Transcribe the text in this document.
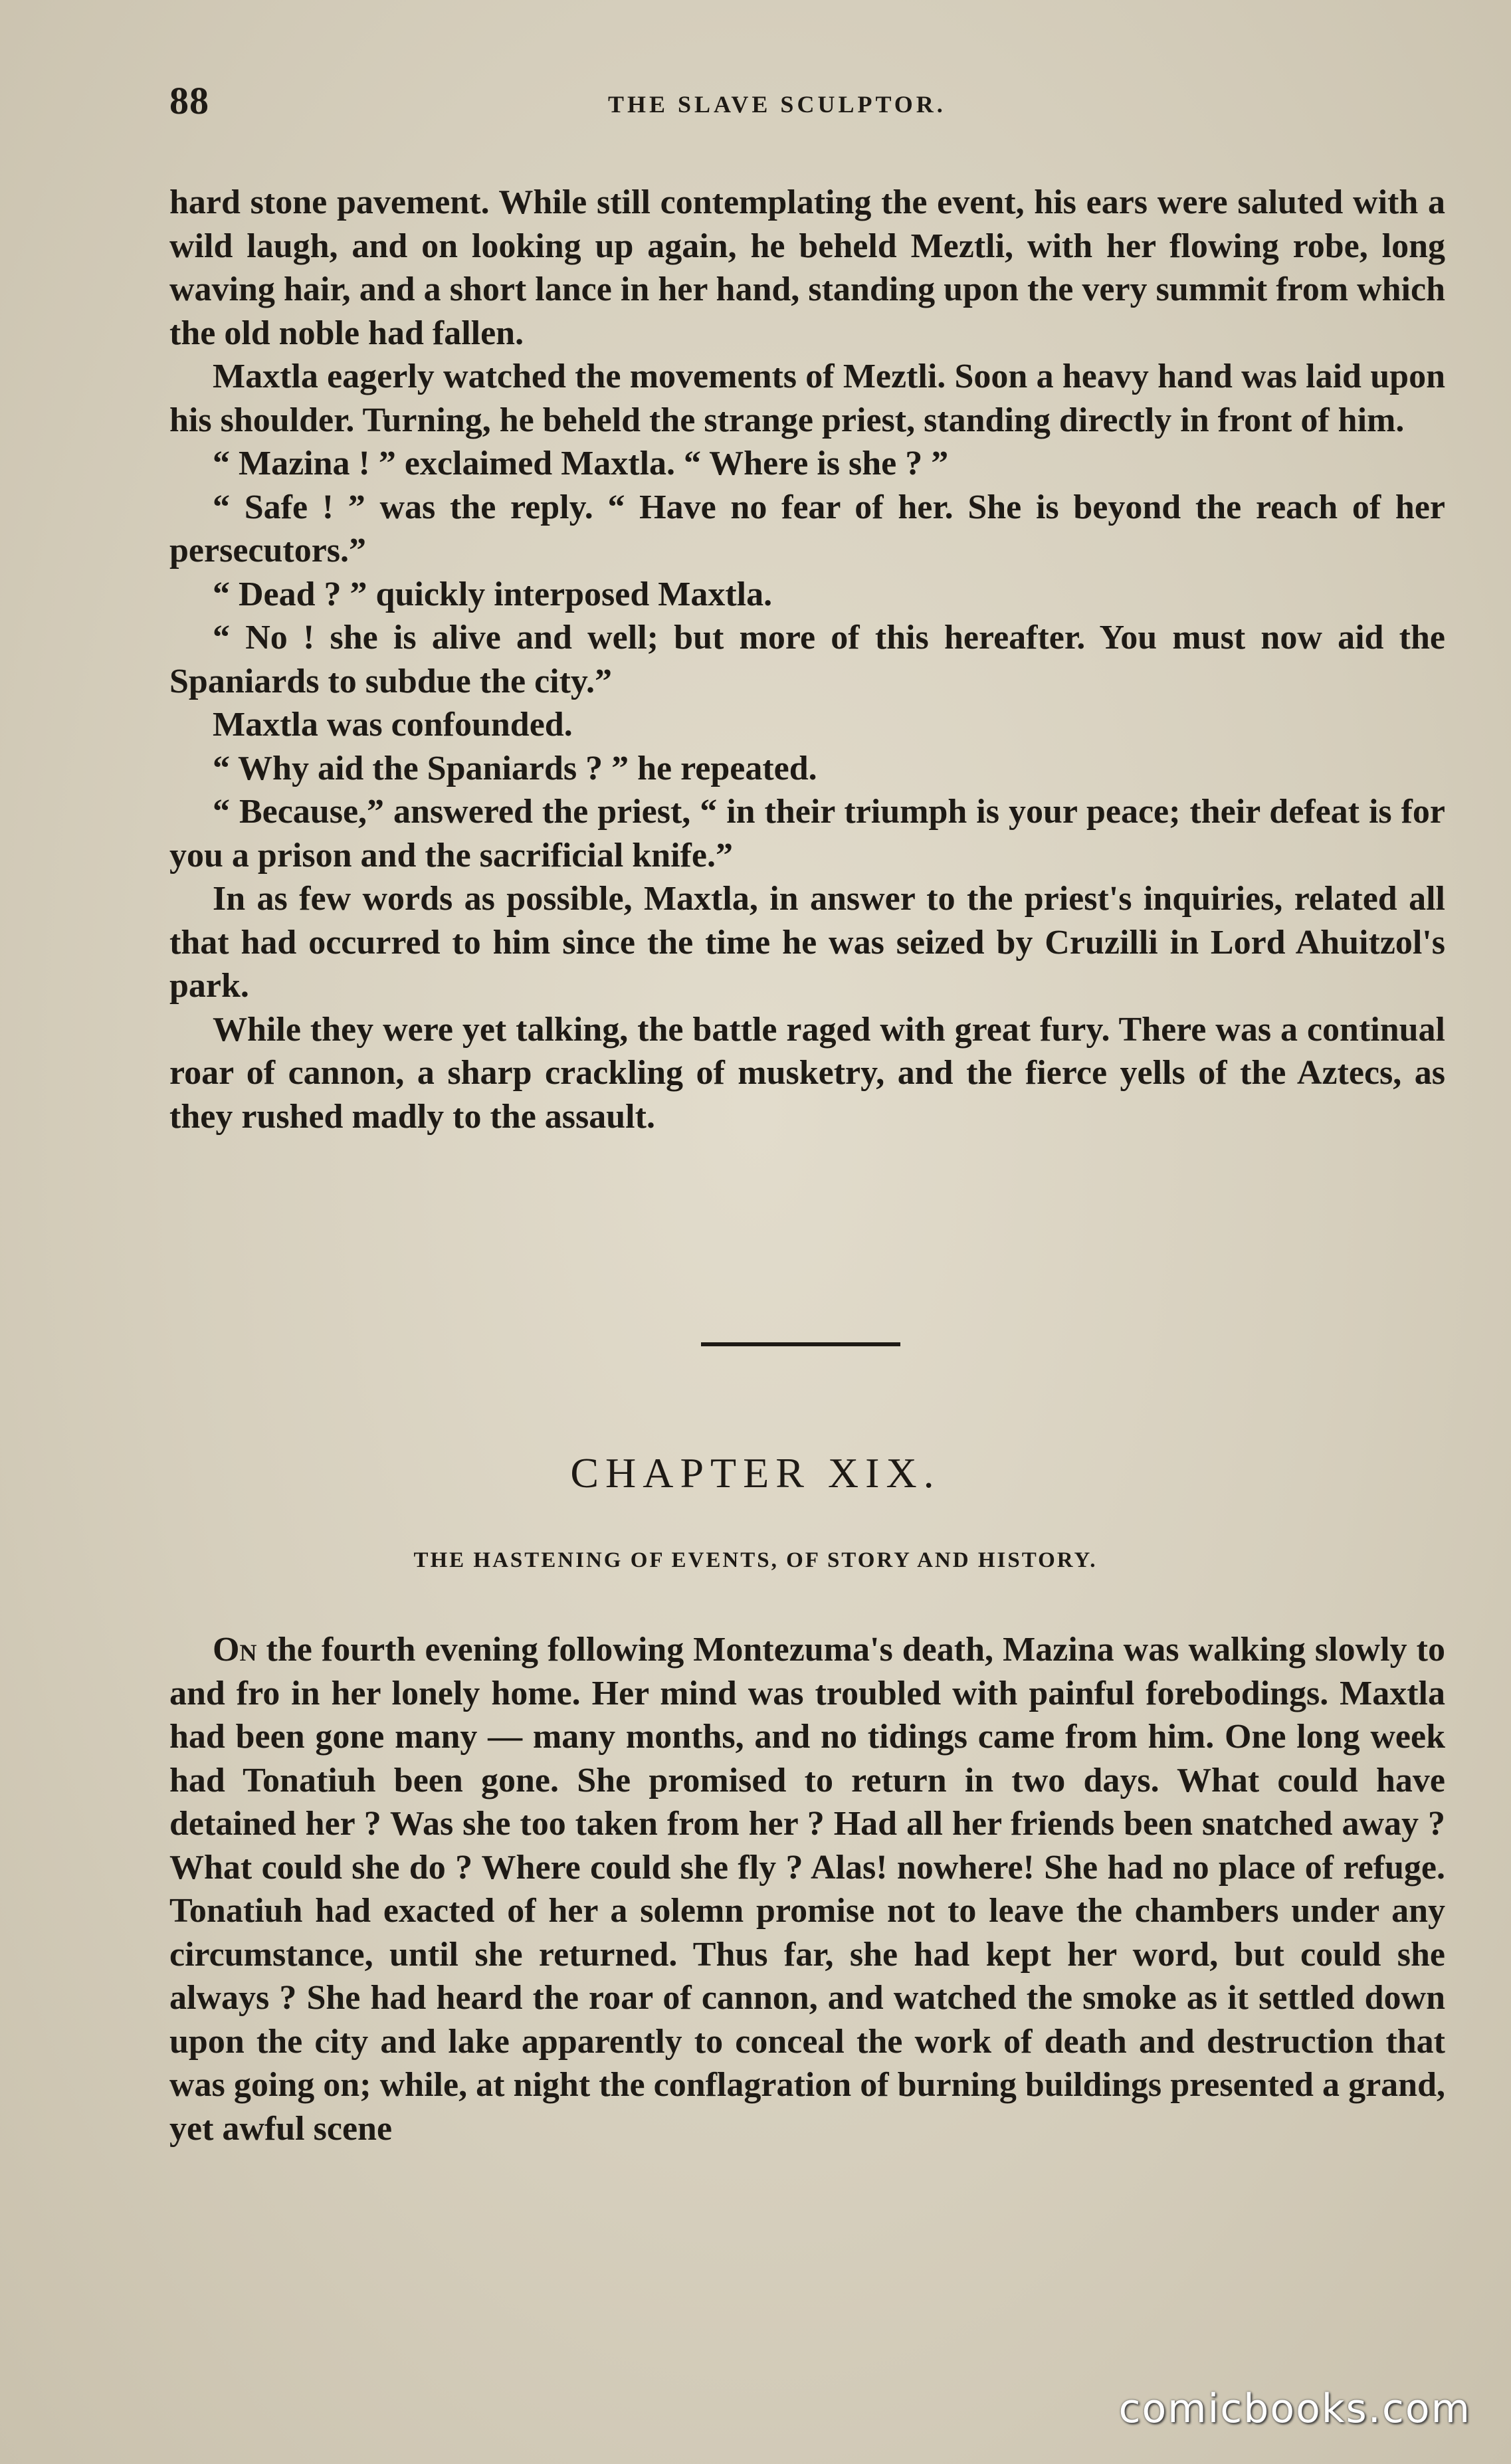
88	THE SLAVE SCULPTOR.

hard stone pavement. While still contemplating the event, his ears were saluted with a wild laugh, and on looking up again, he beheld Meztli, with her flowing robe, long waving hair, and a short lance in her hand, standing upon the very summit from which the old noble had fallen.

Maxtla eagerly watched the movements of Meztli. Soon a heavy hand was laid upon his shoulder. Turning, he beheld the strange priest, standing directly in front of him.

“ Mazina ! ” exclaimed Maxtla. “ Where is she ? ”

“ Safe ! ” was the reply. “ Have no fear of her. She is beyond the reach of her persecutors.”

“ Dead ? ” quickly interposed Maxtla.

“ No ! she is alive and well; but more of this hereafter. You must now aid the Spaniards to subdue the city.”

Maxtla was confounded.

“ Why aid the Spaniards ? ” he repeated.

“ Because,” answered the priest, “ in their triumph is your peace; their defeat is for you a prison and the sacrificial knife.”

In as few words as possible, Maxtla, in answer to the priest's inquiries, related all that had occurred to him since the time he was seized by Cruzilli in Lord Ahuitzol's park.

While they were yet talking, the battle raged with great fury. There was a continual roar of cannon, a sharp crackling of musketry, and the fierce yells of the Aztecs, as they rushed madly to the assault.

CHAPTER XIX.
THE HASTENING OF EVENTS, OF STORY AND HISTORY.

On the fourth evening following Montezuma's death, Mazina was walking slowly to and fro in her lonely home. Her mind was troubled with painful forebodings. Maxtla had been gone many — many months, and no tidings came from him. One long week had Tonatiuh been gone. She promised to return in two days. What could have detained her ? Was she too taken from her ? Had all her friends been snatched away ? What could she do ? Where could she fly ? Alas! nowhere! She had no place of refuge. Tonatiuh had exacted of her a solemn promise not to leave the chambers under any circumstance, until she returned. Thus far, she had kept her word, but could she always ? She had heard the roar of cannon, and watched the smoke as it settled down upon the city and lake apparently to conceal the work of death and destruction that was going on; while, at night the conflagration of burning buildings presented a grand, yet awful scene

comicbooks.com
